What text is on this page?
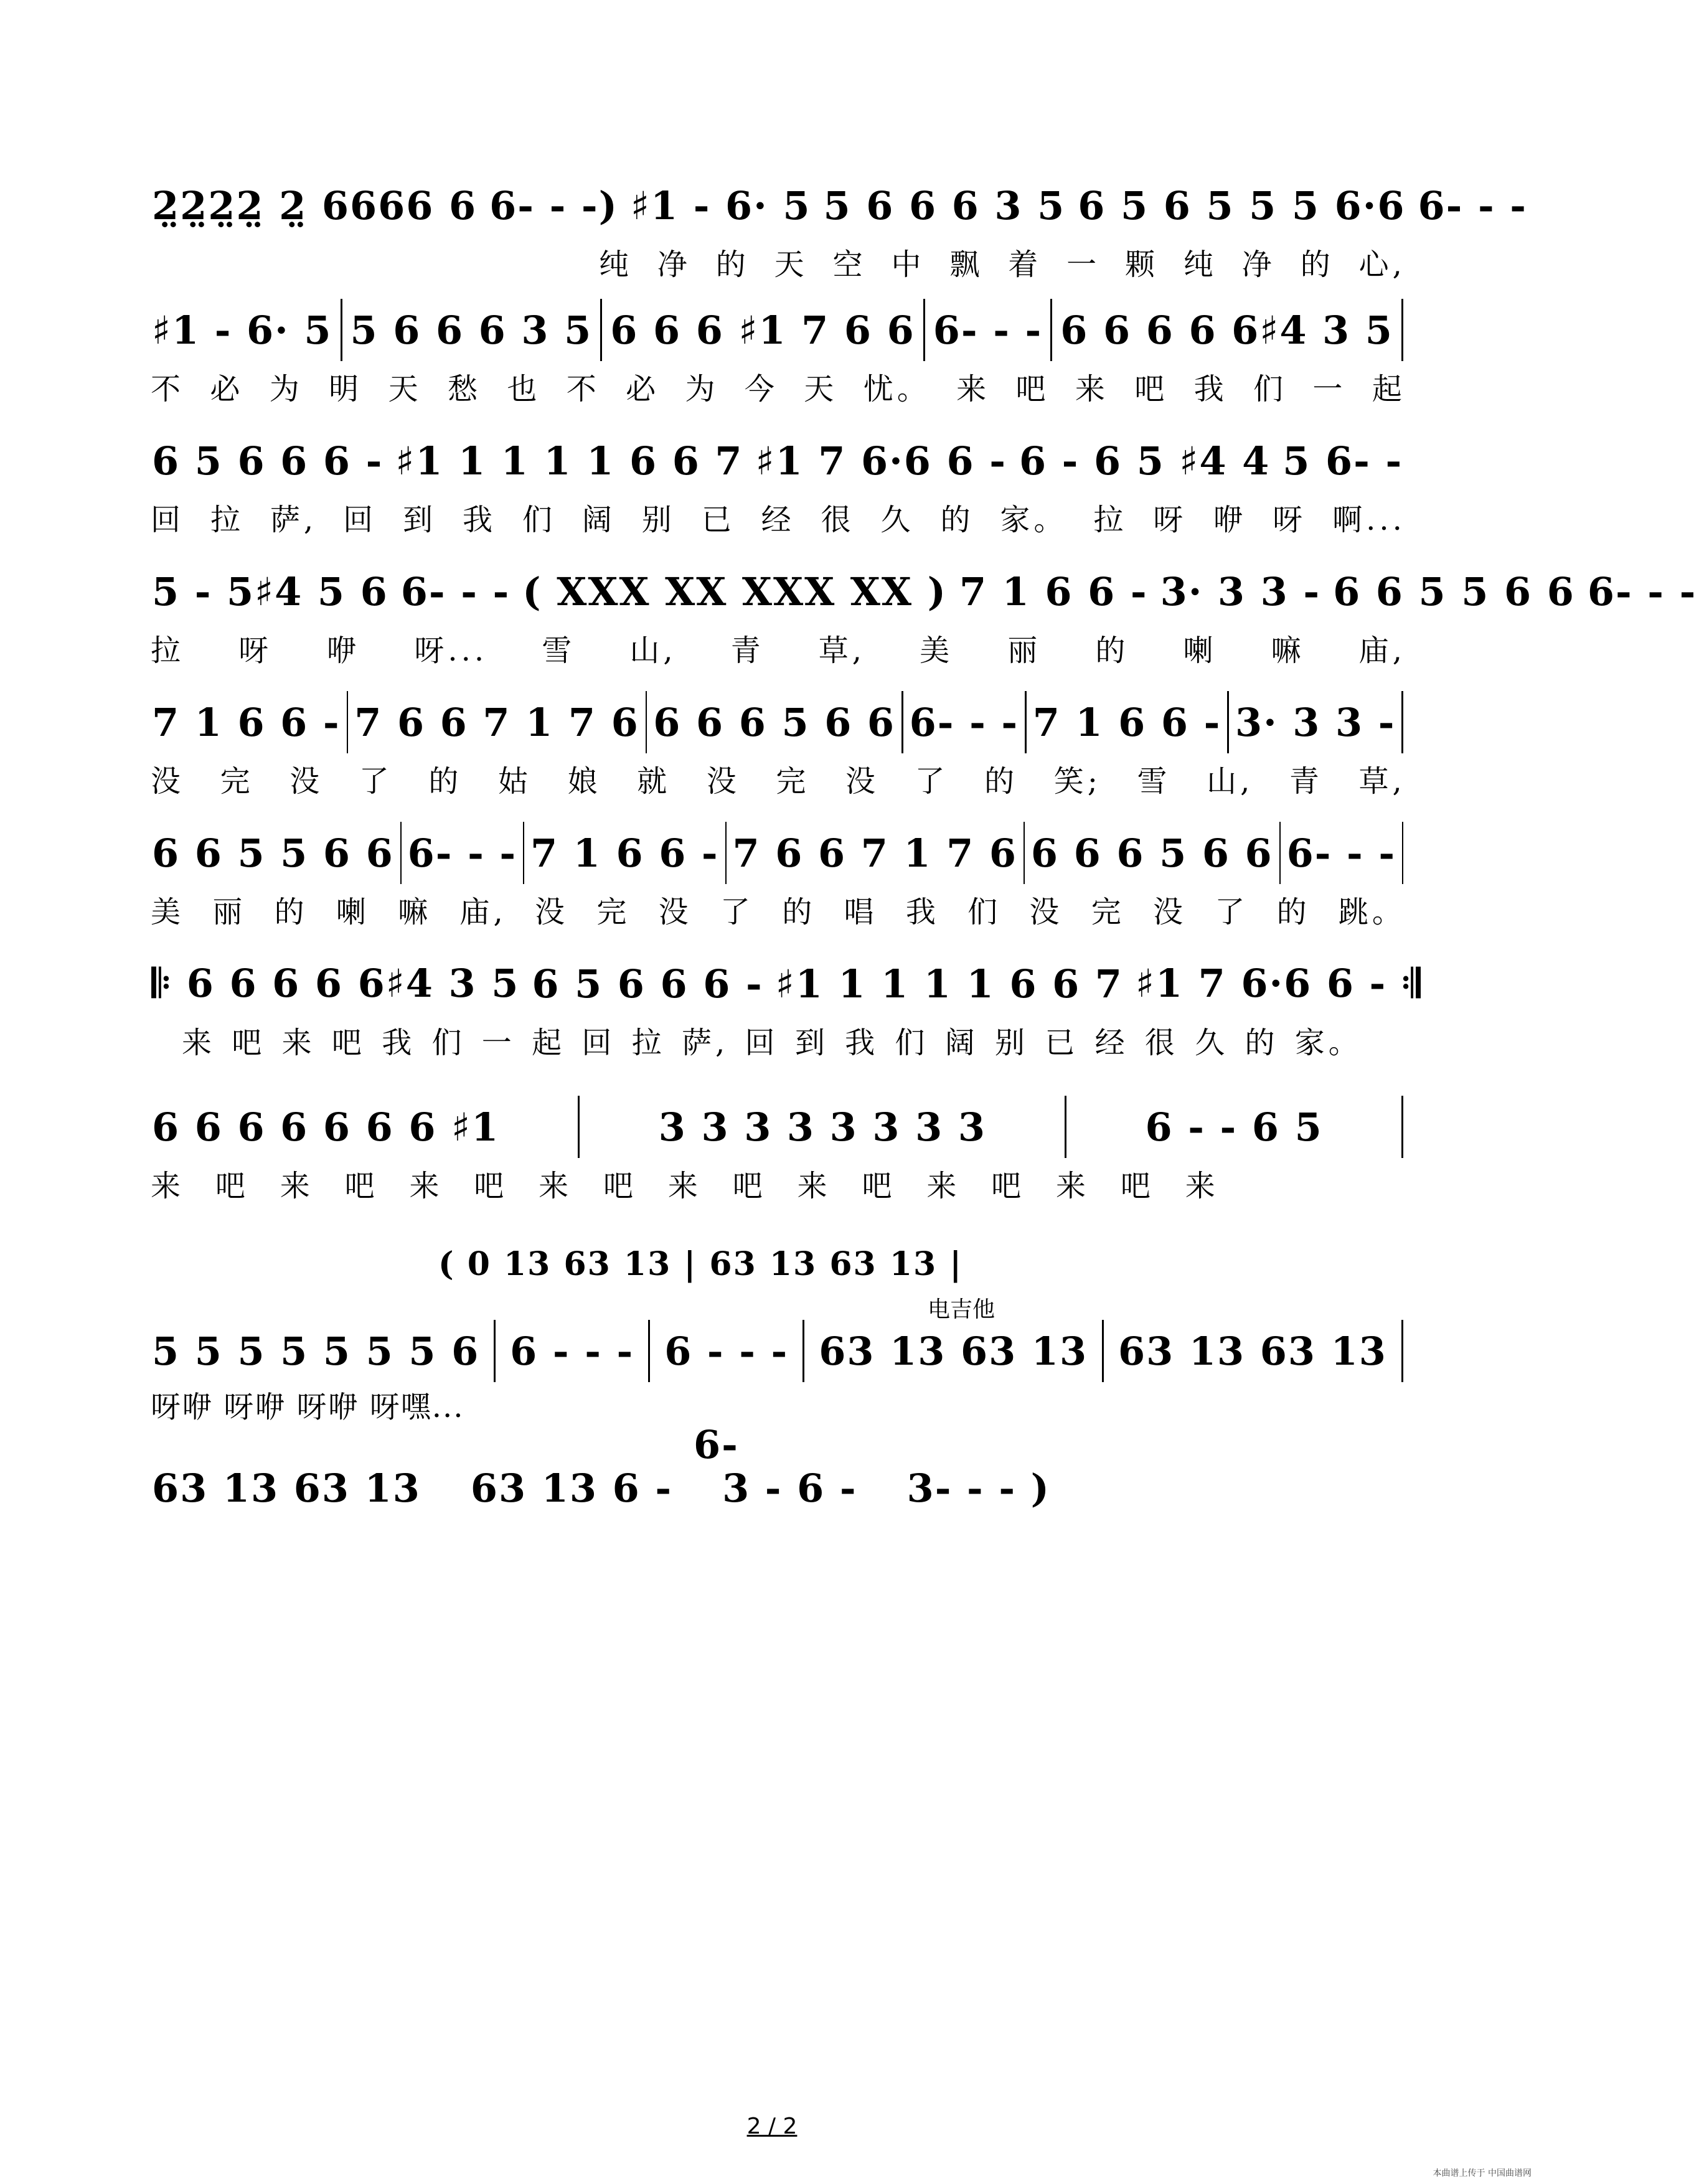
2̤2̤2̤2̤ 2̤ 6666 6 6- - -) ♯1 - 6· 5 5 6 6 6 3 5 6 5 6 5 5 5 6·6 6- - -
纯 净 的 天 空 中 飘 着 一 颗 纯 净 的 心,
♯1 - 6· 5 5 6 6 6 3 5 6 6 6 ♯1 7 6 6 6- - - 6 6 6 6 6♯4 3 5
不 必 为 明 天 愁 也 不 必 为 今 天 忧。 来 吧 来 吧 我 们 一 起
6 5 6 6 6 - ♯1 1 1 1 1 6 6 7 ♯1 7 6·6 6 - 6 - 6 5 ♯4 4 5 6- -
回 拉 萨, 回 到 我 们 阔 别 已 经 很 久 的 家。 拉 呀 咿 呀 啊...
5 - 5♯4 5 6 6- - - ( XXX XX XXX XX ) 7 1 6 6 - 3· 3 3 - 6 6 5 5 6 6 6- - -
拉 呀 咿 呀... 雪 山, 青 草, 美 丽 的 喇 嘛 庙,
7 1 6 6 - 7 6 6 7 1 7 6 6 6 6 5 6 6 6- - - 7 1 6 6 - 3· 3 3 -
没 完 没 了 的 姑 娘 就 没 完 没 了 的 笑; 雪 山, 青 草,
6 6 5 5 6 6 6- - - 7 1 6 6 - 7 6 6 7 1 7 6 6 6 6 5 6 6 6- - -
美 丽 的 喇 嘛 庙, 没 完 没 了 的 唱 我 们 没 完 没 了 的 跳。
𝄆 6 6 6 6 6♯4 3 5 6 5 6 6 6 - ♯1 1 1 1 1 6 6 7 ♯1 7 6·6 6 - 𝄇
来 吧 来 吧 我 们 一 起 回 拉 萨, 回 到 我 们 阔 别 已 经 很 久 的 家。
6 6 6 6 6 6 6 ♯1	3 3 3 3 3 3 3 3	6 - - 6 5
来 吧 来 吧 来 吧 来 吧 来 吧 来 吧 来 吧 来 吧 来
( 0 13 63 13 | 63 13 63 13 |
电吉他
5 5 5 5 5 5 5 6 6 - - - 6 - - - 63 13 63 13 63 13 63 13
呀咿 呀咿 呀咿 呀嘿...
6-
63 13 63 13 63 13 6 - 3 - 6 - 3- - - )
2 / 2
本曲谱上传于 中国曲谱网
